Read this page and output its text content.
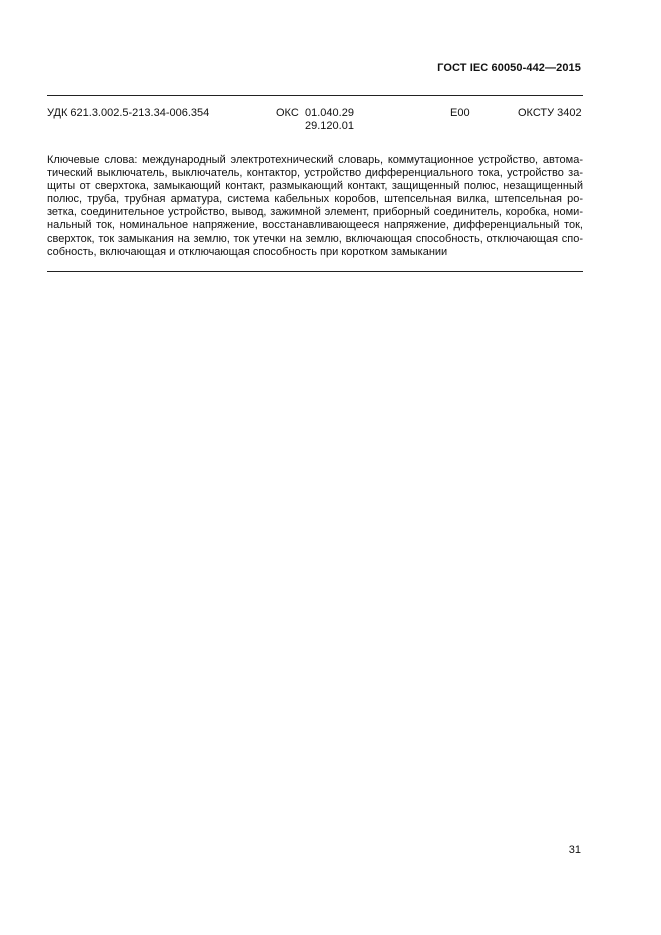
ГОСТ IEC 60050-442—2015
УДК 621.3.002.5-213.34-006.354	ОКС 01.040.29
29.120.01
Е00	ОКСТУ 3402
Ключевые слова: международный электротехнический словарь, коммутационное устройство, автома-
тический выключатель, выключатель, контактор, устройство дифференциального тока, устройство за-
щиты от сверхтока, замыкающий контакт, размыкающий контакт, защищенный полюс, незащищенный
полюс, труба, трубная арматура, система кабельных коробов, штепсельная вилка, штепсельная ро-
зетка, соединительное устройство, вывод, зажимной элемент, приборный соединитель, коробка, номи-
нальный ток, номинальное напряжение, восстанавливающееся напряжение, дифференциальный ток,
сверхток, ток замыкания на землю, ток утечки на землю, включающая способность, отключающая спо-
собность, включающая и отключающая способность при коротком замыкании
31
